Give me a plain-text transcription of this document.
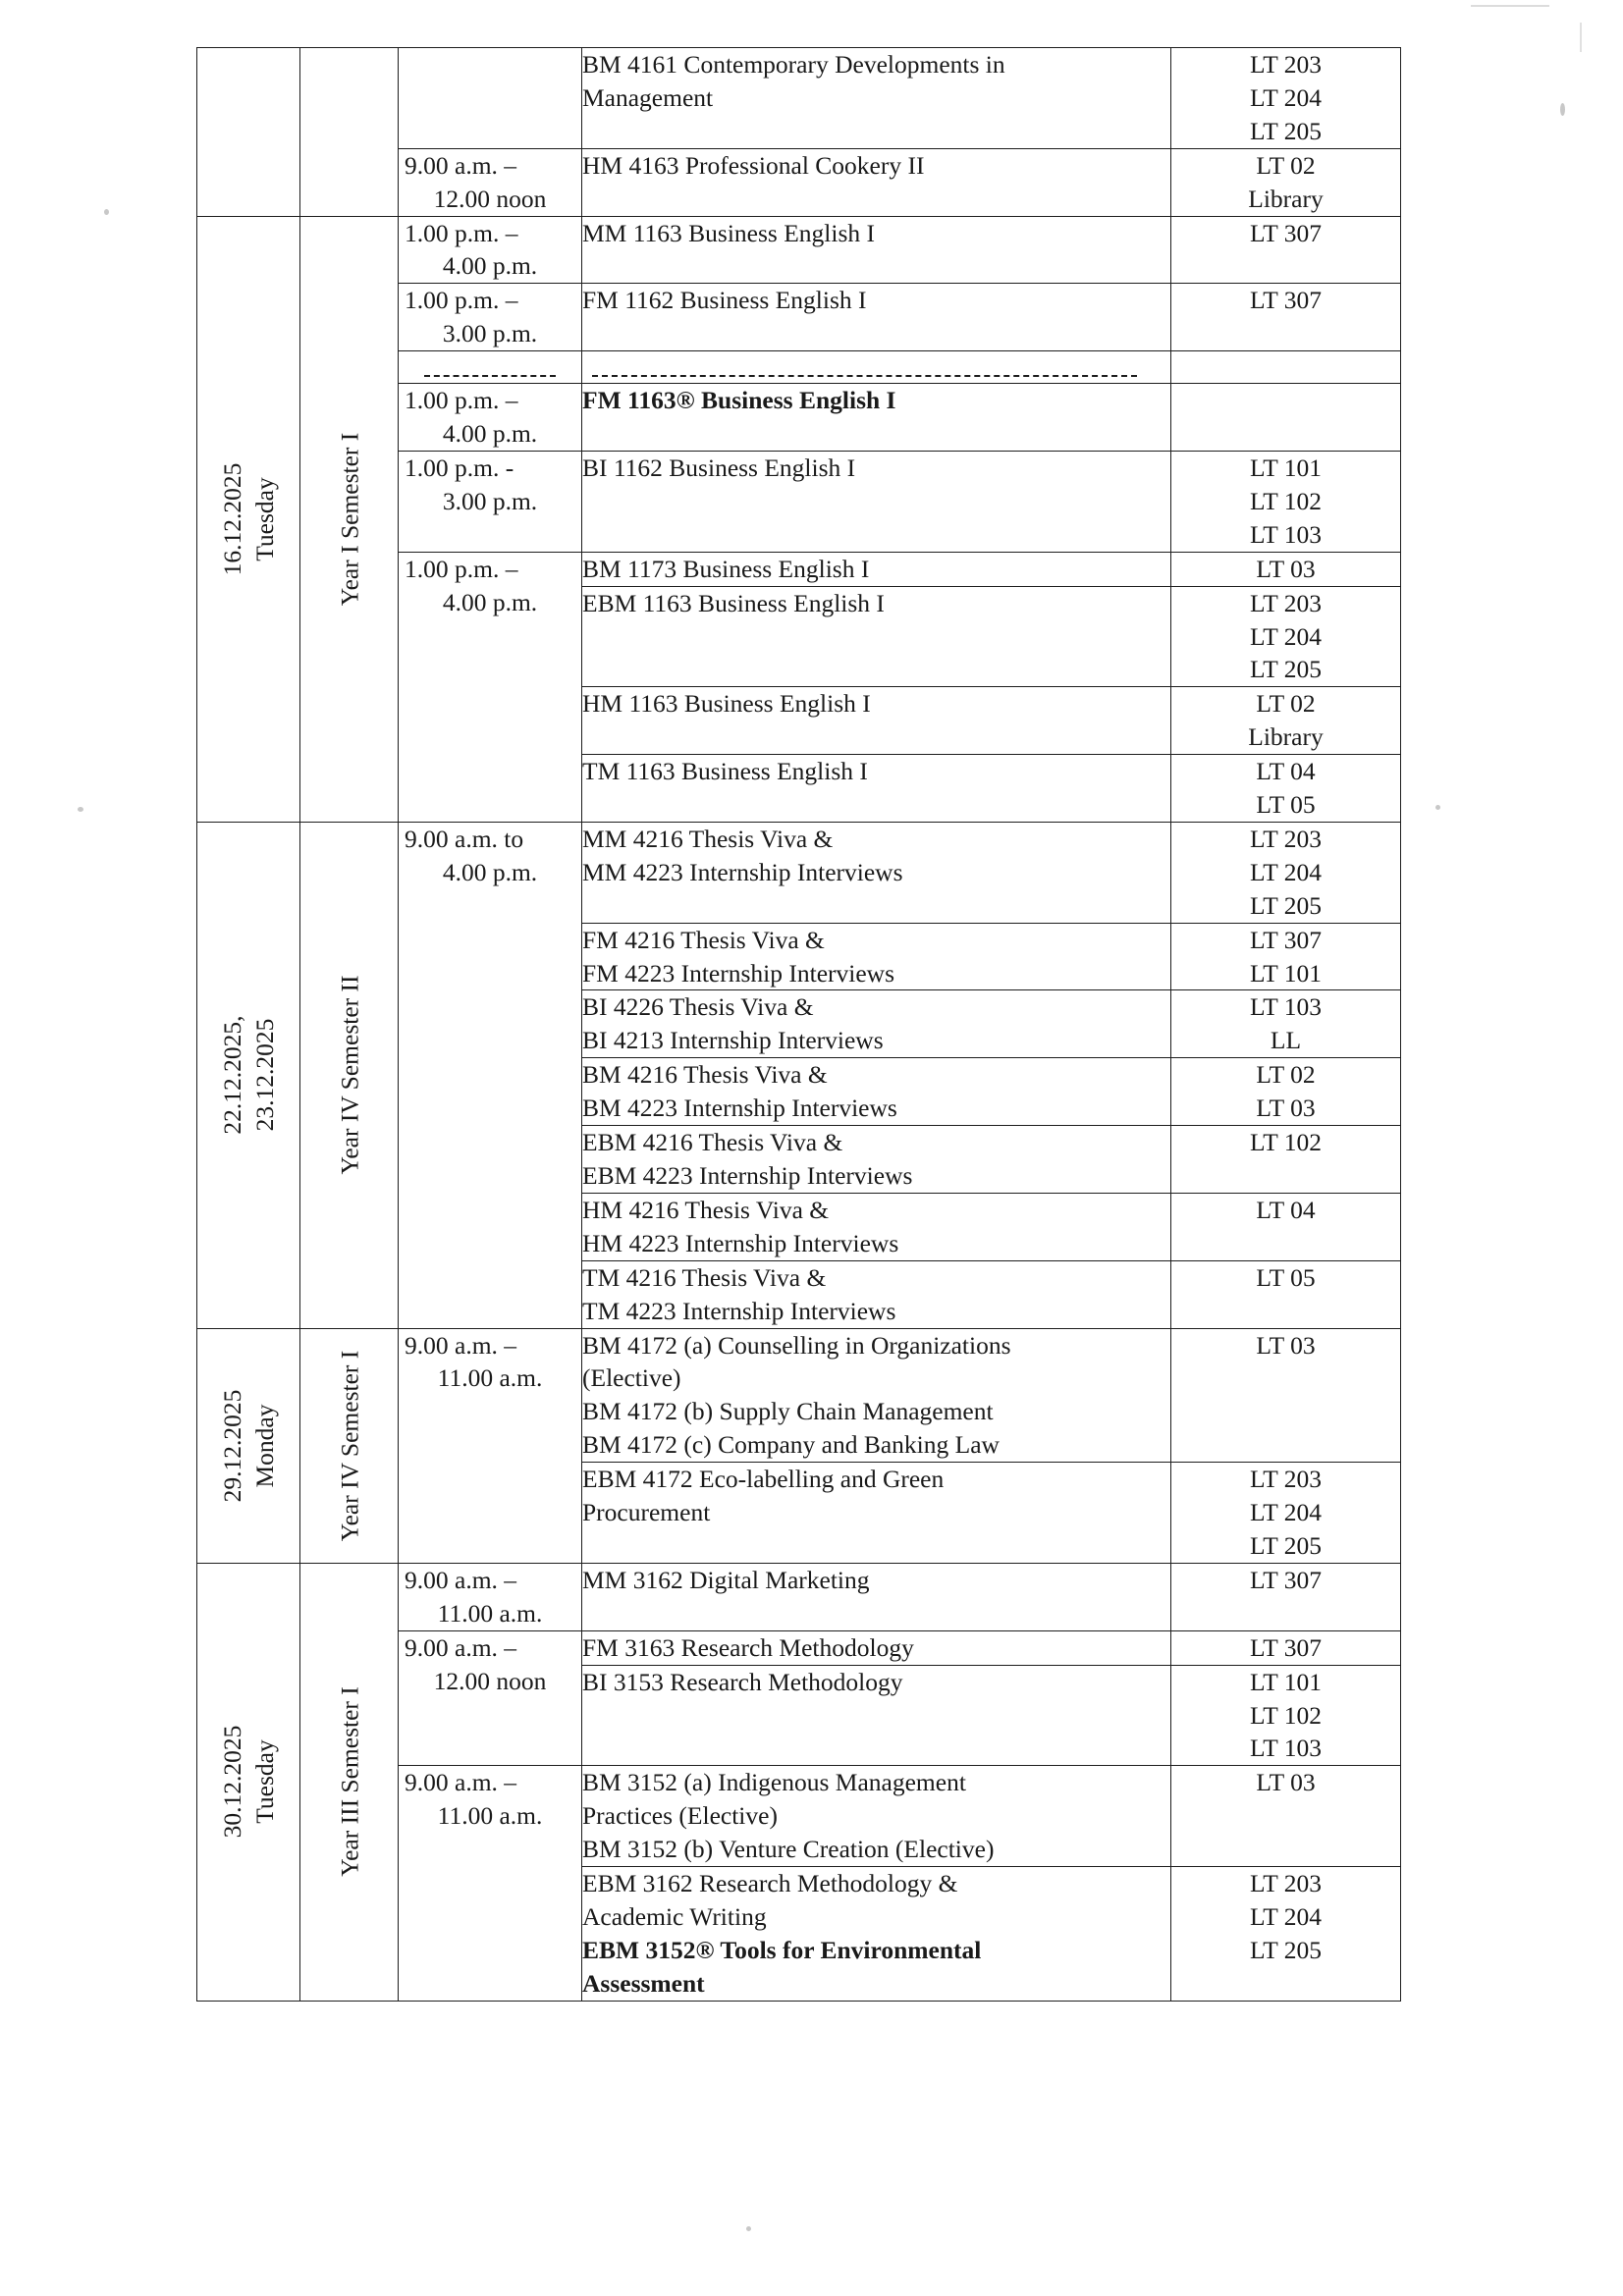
			BM 4161 Contemporary Developments in
Management	LT 203
LT 204
LT 205

		9.00 a.m. –
12.00 noon	HM 4163 Professional Cookery II	LT 02
Library

16.12.2025 Tuesday	Year I Semester I	1.00 p.m. –
4.00 p.m.	MM 1163 Business English I	LT 307

		1.00 p.m. –
3.00 p.m.	FM 1162 Business English I	LT 307

		1.00 p.m. –
4.00 p.m.	FM 1163® Business English I	

		1.00 p.m. -
3.00 p.m.	BI 1162 Business English I	LT 101
LT 102
LT 103

		1.00 p.m. –
4.00 p.m.	BM 1173 Business English I	LT 03

			EBM 1163 Business English I	LT 203
LT 204
LT 205

			HM 1163 Business English I	LT 02
Library

			TM 1163 Business English I	LT 04
LT 05

22.12.2025, 23.12.2025	Year IV Semester II	9.00 a.m. to
4.00 p.m.	MM 4216 Thesis Viva &
MM 4223 Internship Interviews	LT 203
LT 204
LT 205

			FM 4216 Thesis Viva &
FM 4223 Internship Interviews	LT 307
LT 101

			BI 4226 Thesis Viva &
BI 4213 Internship Interviews	LT 103
LL

			BM 4216 Thesis Viva &
BM 4223 Internship Interviews	LT 02
LT 03

			EBM 4216 Thesis Viva &
EBM 4223 Internship Interviews	LT 102

			HM 4216 Thesis Viva &
HM 4223 Internship Interviews	LT 04

			TM 4216 Thesis Viva &
TM 4223 Internship Interviews	LT 05

29.12.2025 Monday	Year IV Semester I	9.00 a.m. –
11.00 a.m.	BM 4172 (a) Counselling in Organizations
(Elective)
BM 4172 (b) Supply Chain Management
BM 4172 (c) Company and Banking Law	LT 03

			EBM 4172 Eco-labelling and Green
Procurement	LT 203
LT 204
LT 205

30.12.2025 Tuesday	Year III Semester I	9.00 a.m. –
11.00 a.m.	MM 3162 Digital Marketing	LT 307

		9.00 a.m. –
12.00 noon	FM 3163 Research Methodology	LT 307

			BI 3153 Research Methodology	LT 101
LT 102
LT 103

		9.00 a.m. –
11.00 a.m.	BM 3152 (a) Indigenous Management
Practices (Elective)
BM 3152 (b) Venture Creation (Elective)	LT 03

			EBM 3162 Research Methodology &
Academic Writing
EBM 3152® Tools for Environmental
Assessment	LT 203
LT 204
LT 205
